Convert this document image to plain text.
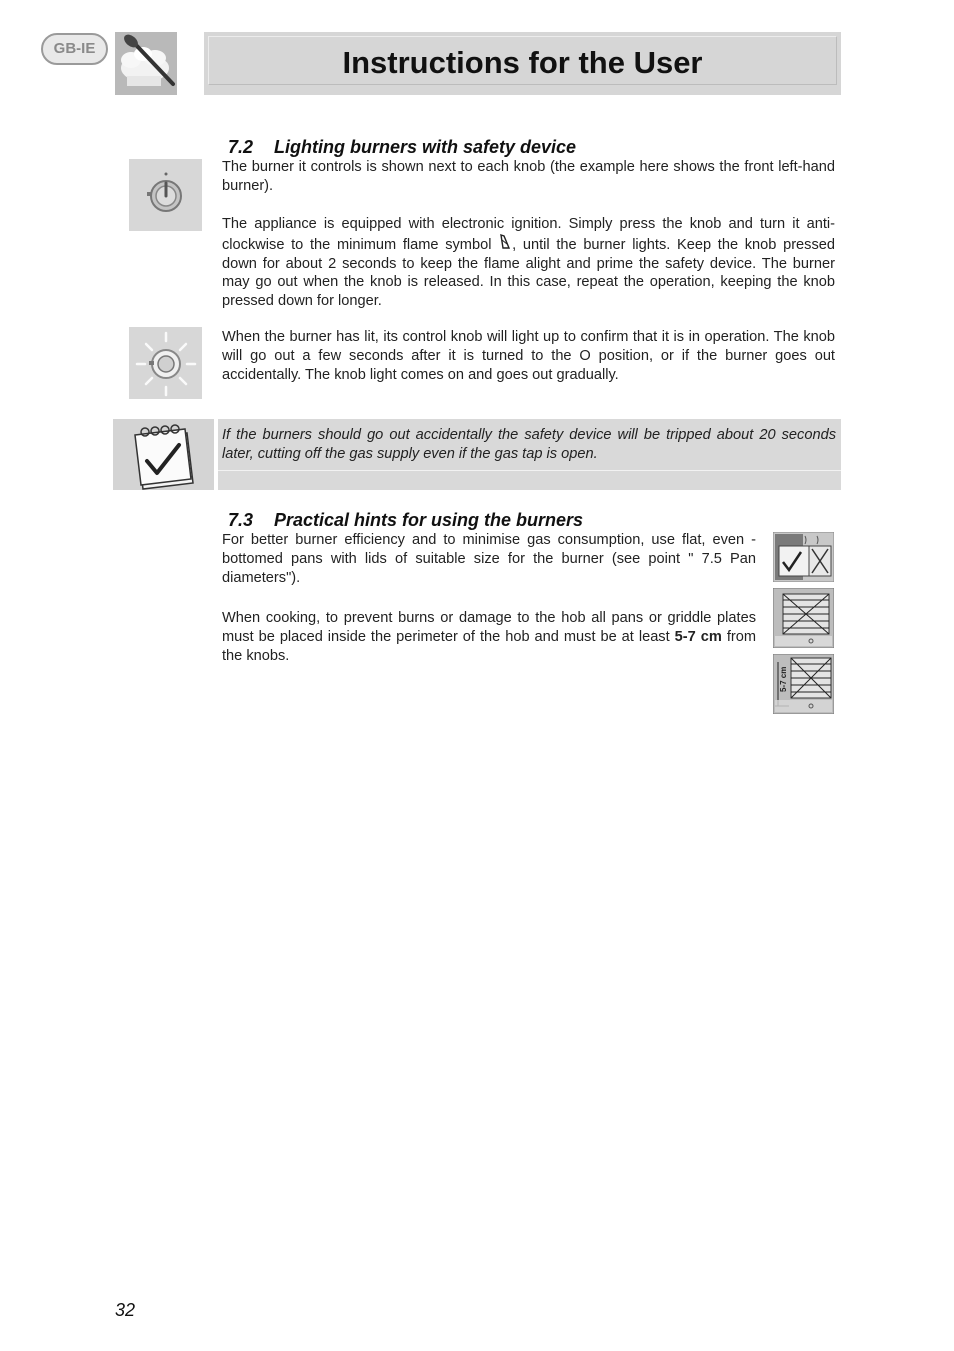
GB-IE	Instructions for the User
7.2 Lighting burners with safety device
The burner it controls is shown next to each knob (the example here shows the front left-hand burner).
The appliance is equipped with electronic ignition. Simply press the knob and turn it anti-clockwise to the minimum flame symbol , until the burner lights. Keep the knob pressed down for about 2 seconds to keep the flame alight and prime the safety device. The burner may go out when the knob is released. In this case, repeat the operation, keeping the knob pressed down for longer.
When the burner has lit, its control knob will light up to confirm that it is in operation. The knob will go out a few seconds after it is turned to the O position, or if the burner goes out accidentally. The knob light comes on and goes out gradually.
If the burners should go out accidentally the safety device will be tripped about 20 seconds later, cutting off the gas supply even if the gas tap is open.
7.3 Practical hints for using the burners
For better burner efficiency and to minimise gas consumption, use flat, even -bottomed pans with lids of suitable size for the burner (see point " 7.5 Pan diameters").
When cooking, to prevent burns or damage to the hob all pans or griddle plates must be placed inside the perimeter of the hob and must be at least 5-7 cm from the knobs.
5-7 cm
32
